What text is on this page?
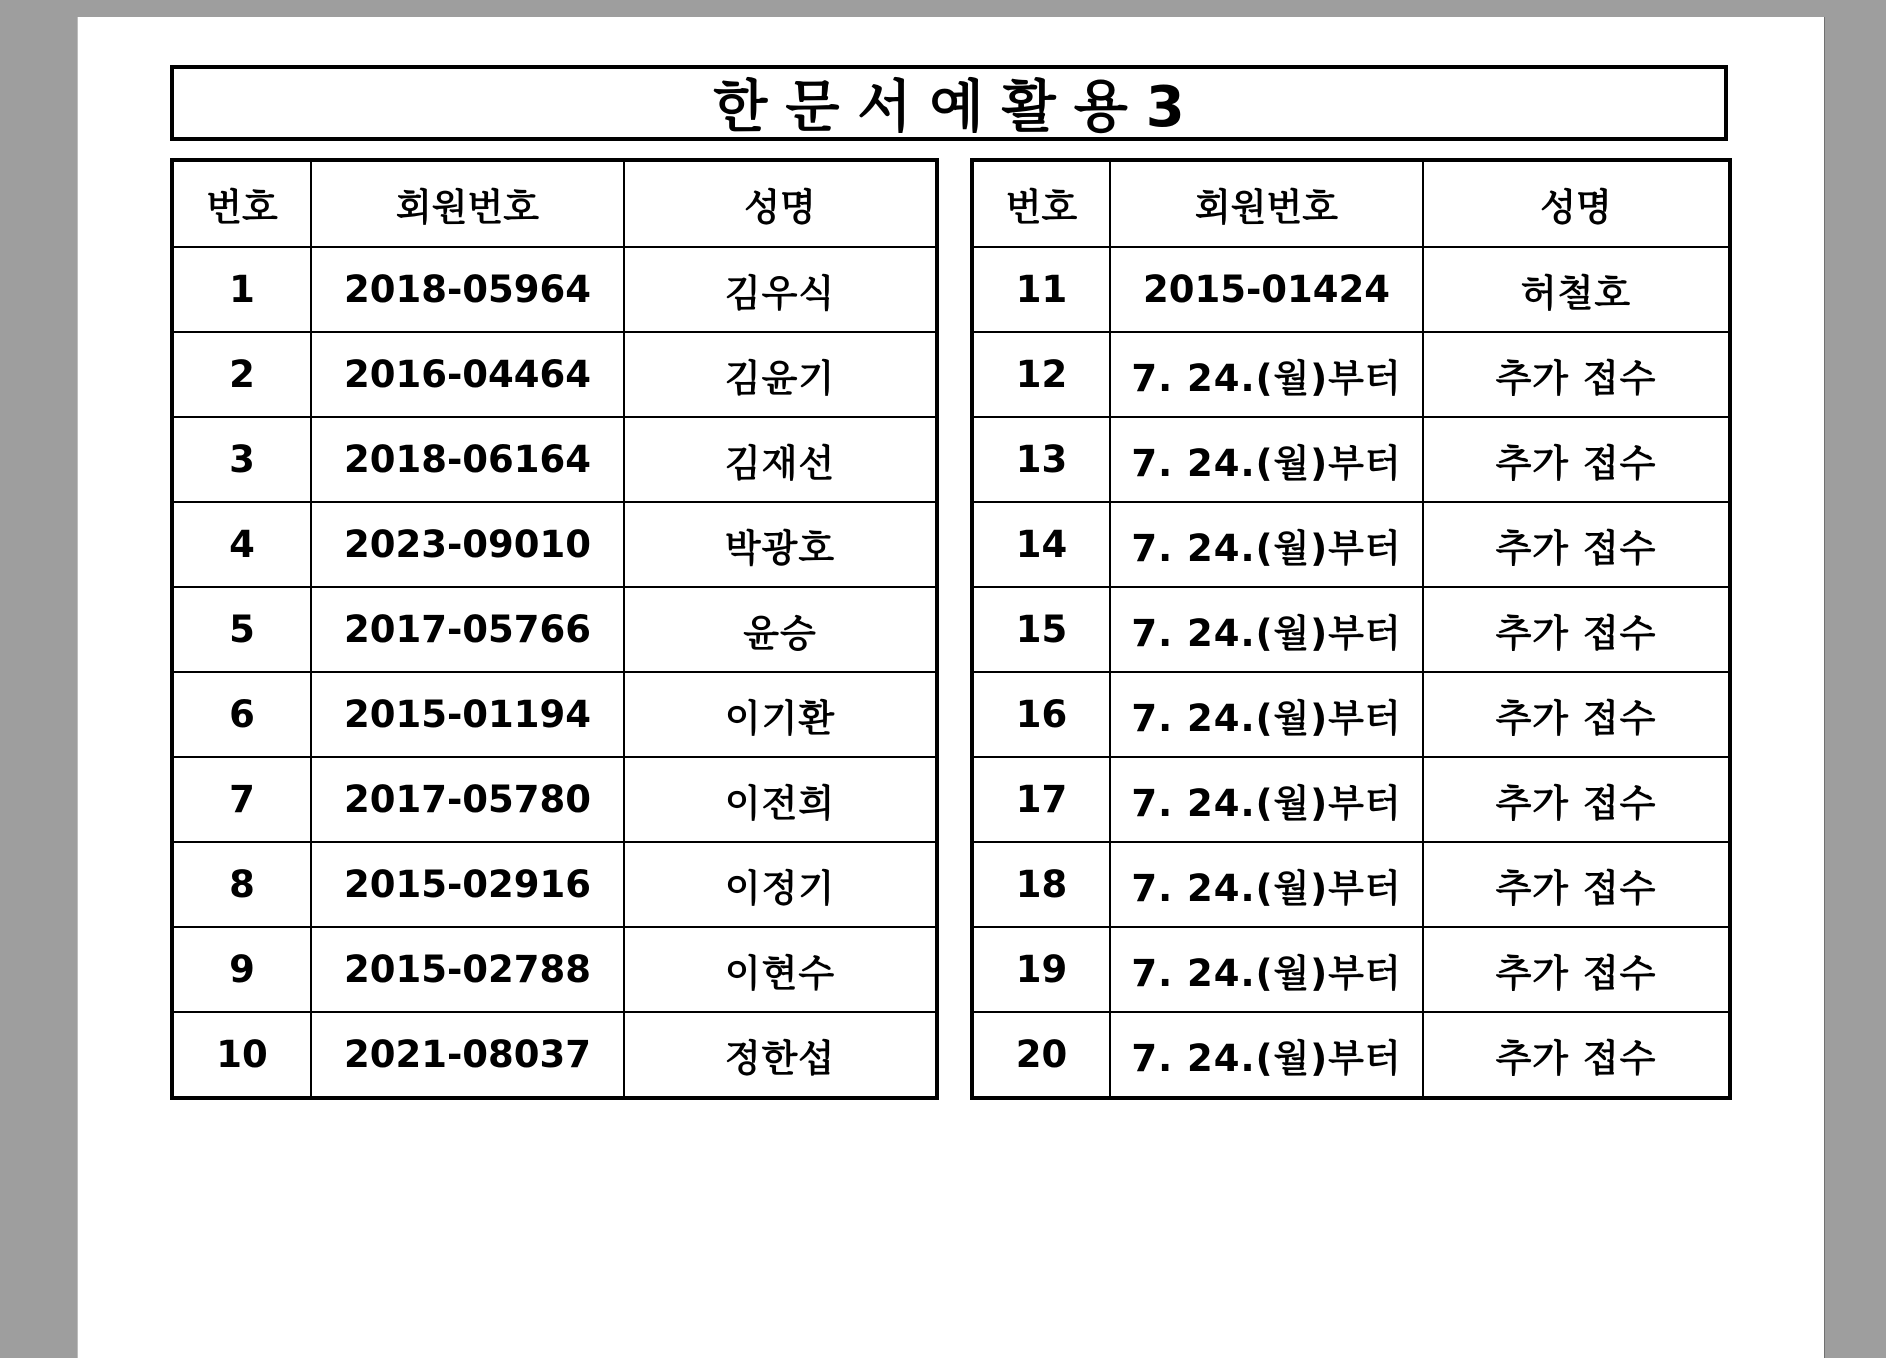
한문서예활용3
번호	회원번호	성명
1	2018-05964	김우식
2	2016-04464	김윤기
3	2018-06164	김재선
4	2023-09010	박광호
5	2017-05766	윤승
6	2015-01194	이기환
7	2017-05780	이전희
8	2015-02916	이정기
9	2015-02788	이현수
10	2021-08037	정한섭
번호	회원번호	성명
11	2015-01424	허철호
12	7. 24.(월)부터	추가 접수
13	7. 24.(월)부터	추가 접수
14	7. 24.(월)부터	추가 접수
15	7. 24.(월)부터	추가 접수
16	7. 24.(월)부터	추가 접수
17	7. 24.(월)부터	추가 접수
18	7. 24.(월)부터	추가 접수
19	7. 24.(월)부터	추가 접수
20	7. 24.(월)부터	추가 접수
